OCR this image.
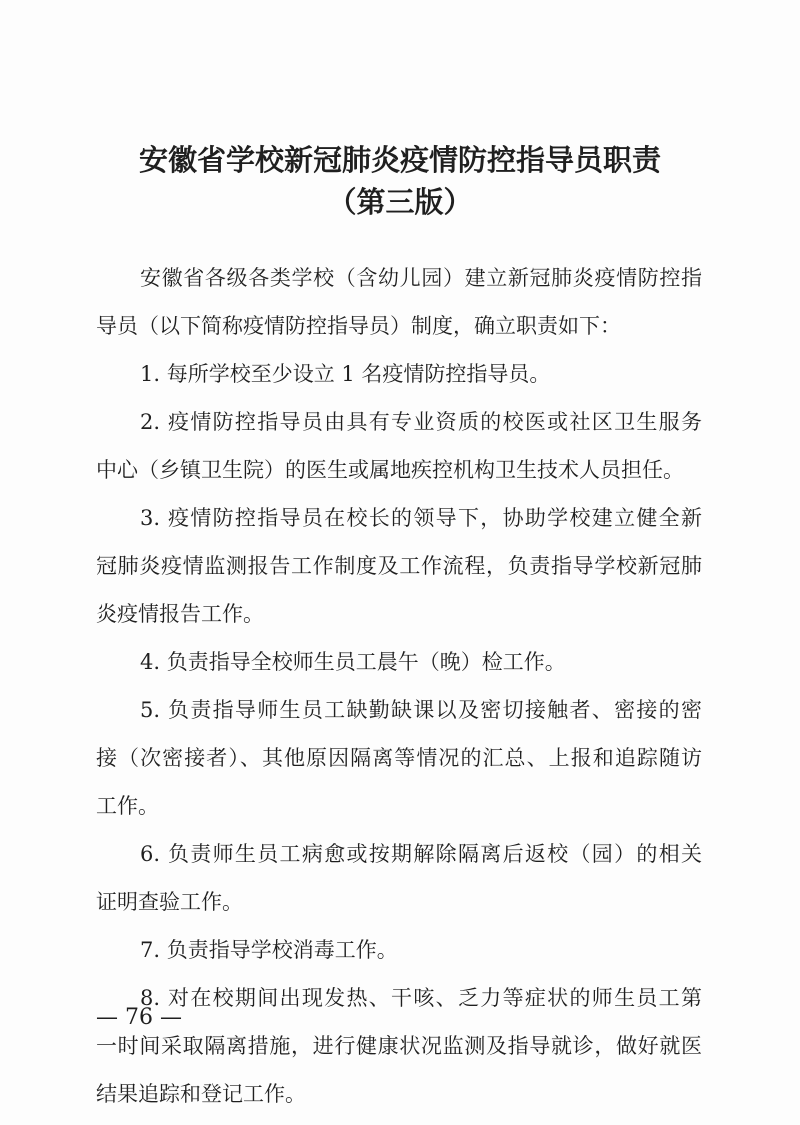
安徽省学校新冠肺炎疫情防控指导员职责
（第三版）
安徽省各级各类学校（含幼儿园）建立新冠肺炎疫情防控指
导员（以下简称疫情防控指导员）制度，确立职责如下：
1. 每所学校至少设立 1 名疫情防控指导员。
2. 疫情防控指导员由具有专业资质的校医或社区卫生服务
中心（乡镇卫生院）的医生或属地疾控机构卫生技术人员担任。
3. 疫情防控指导员在校长的领导下，协助学校建立健全新
冠肺炎疫情监测报告工作制度及工作流程，负责指导学校新冠肺
炎疫情报告工作。
4. 负责指导全校师生员工晨午（晚）检工作。
5. 负责指导师生员工缺勤缺课以及密切接触者、密接的密
接（次密接者）、其他原因隔离等情况的汇总、上报和追踪随访
工作。
6. 负责师生员工病愈或按期解除隔离后返校（园）的相关
证明查验工作。
7. 负责指导学校消毒工作。
8. 对在校期间出现发热、干咳、乏力等症状的师生员工第
一时间采取隔离措施，进行健康状况监测及指导就诊，做好就医
结果追踪和登记工作。
— 76 —
